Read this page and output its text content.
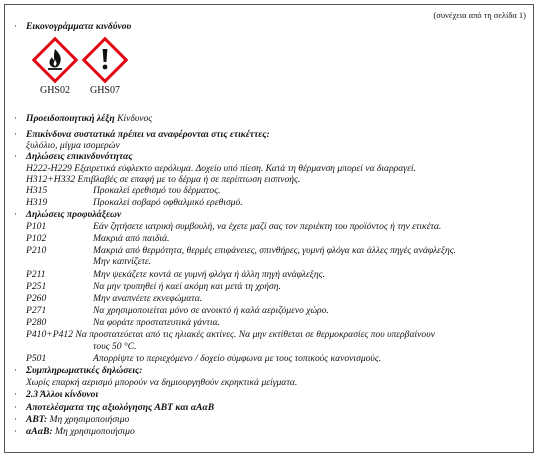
(συνέχεια από τη σελίδα 1)
· Εικονογράμματα κινδύνου
GHS02	GHS07
· Προειδοποιητική λέξη Κίνδυνος
· Επικίνδυνα συστατικά πρέπει να αναφέρονται στις ετικέττες:
ξυλόλιο, μίγμα ισομερών
· Δηλώσεις επικινδυνότητας
H222-H229 Εξαιρετικά εύφλεκτο αερόλυμα. Δοχείο υπό πίεση. Κατά τη θέρμανση μπορεί να διαρραγεί.
H312+H332 Επιβλαβές σε επαφή με το δέρμα ή σε περίπτωση εισπνοής.
H315	Προκαλεί ερεθισμό του δέρματος.
H319	Προκαλεί σοβαρό οφθαλμικό ερεθισμό.
· Δηλώσεις προφυλάξεων
P101	Εάν ζητήσετε ιατρική συμβουλή, να έχετε μαζί σας τον περιέκτη του προϊόντος ή την ετικέτα.
P102	Μακριά από παιδιά.
P210	Μακριά από θερμότητα, θερμές επιφάνειες, σπινθήρες, γυμνή φλόγα και άλλες πηγές ανάφλεξης.
Μην καπνίζετε.
P211	Μην ψεκάζετε κοντά σε γυμνή φλόγα ή άλλη πηγή ανάφλεξης.
P251	Να μην τρυπηθεί ή καεί ακόμη και μετά τη χρήση.
P260	Μην αναπνέετε εκνεφώματα.
P271	Να χρησιμοποιείται μόνο σε ανοικτό ή καλά αεριζόμενο χώρο.
P280	Να φοράτε προστατευτικά γάντια.
P410+P412 Να προστατεύεται από τις ηλιακές ακτίνες. Να μην εκτίθεται σε θερμοκρασίες που υπερβαίνουν
τους 50 °C.
P501	Απορρίψτε το περιεχόμενο / δοχείο σύμφωνα με τους τοπικούς κανονισμούς.
· Συμπληρωματικές δηλώσεις:
Χωρίς επαρκή αερισμό μπορούν να δημιουργηθούν εκρηκτικά μείγματα.
· 2.3 Άλλοι κίνδυνοι
· Αποτελέσματα της αξιολόγησης ΑΒΤ και αΑαΒ
· ΑΒΤ: Μη χρησιμοποιήσιμο
· αΑαΒ: Μη χρησιμοποιήσιμο
